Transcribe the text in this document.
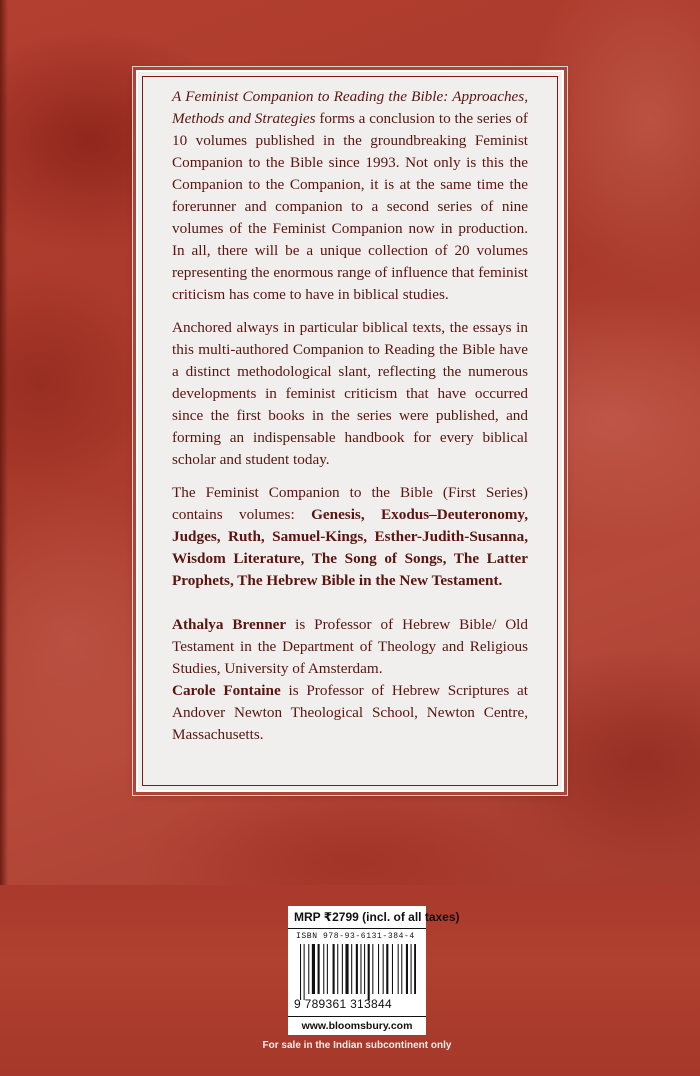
A Feminist Companion to Reading the Bible: Approaches, Methods and Strategies forms a conclusion to the series of 10 volumes published in the groundbreaking Feminist Companion to the Bible since 1993. Not only is this the Companion to the Companion, it is at the same time the forerunner and companion to a second series of nine volumes of the Feminist Companion now in production. In all, there will be a unique collection of 20 volumes representing the enormous range of influence that feminist criticism has come to have in biblical studies.

Anchored always in particular biblical texts, the essays in this multi-authored Companion to Reading the Bible have a distinct methodological slant, reflecting the numerous developments in feminist criticism that have occurred since the first books in the series were published, and forming an indispensable handbook for every biblical scholar and student today.

The Feminist Companion to the Bible (First Series) contains volumes: Genesis, Exodus–Deuteronomy, Judges, Ruth, Samuel-Kings, Esther-Judith-Susanna, Wisdom Literature, The Song of Songs, The Latter Prophets, The Hebrew Bible in the New Testament.

Athalya Brenner is Professor of Hebrew Bible/ Old Testament in the Department of Theology and Religious Studies, University of Amsterdam.
Carole Fontaine is Professor of Hebrew Scriptures at Andover Newton Theological School, Newton Centre, Massachusetts.

MRP ₹2799 (incl. of all taxes)
ISBN 978-93-6131-384-4
9 789361 313844
www.bloomsbury.com
For sale in the Indian subcontinent only
